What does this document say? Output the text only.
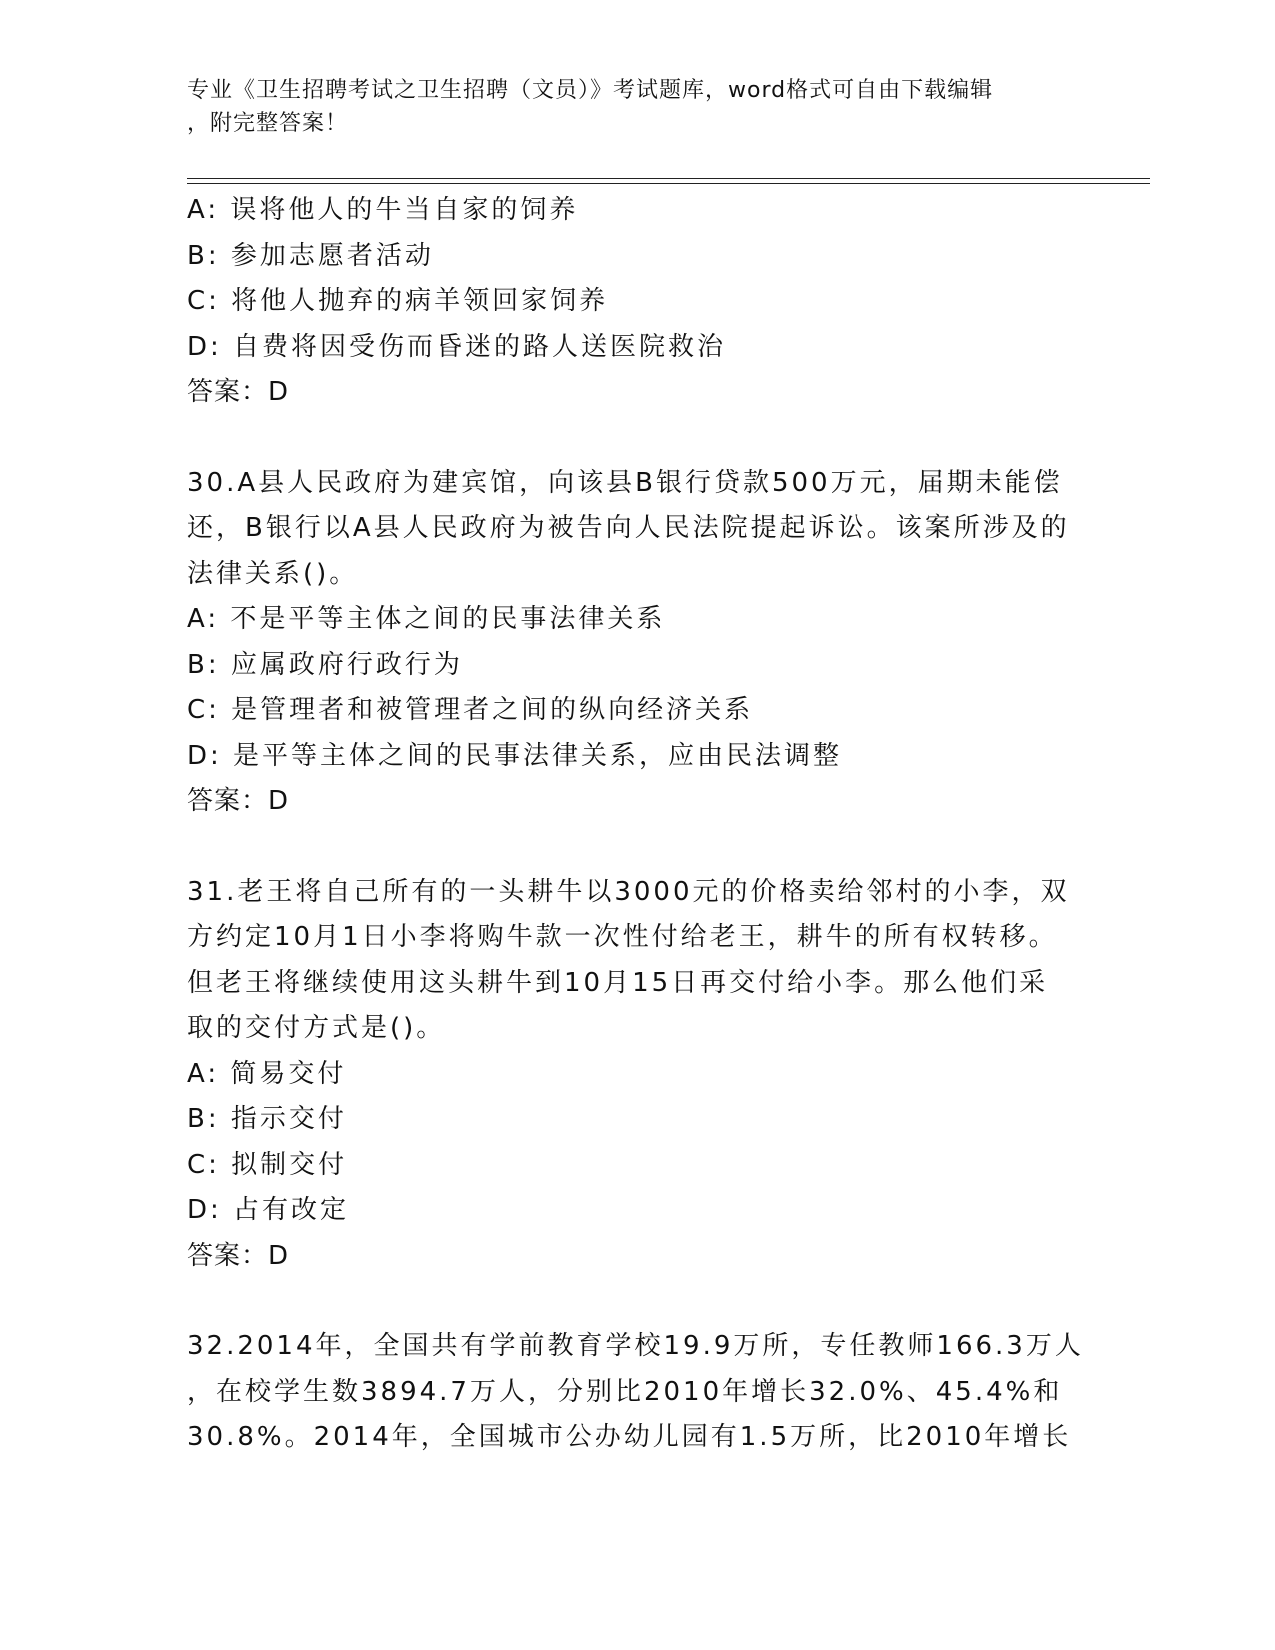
专业《卫生招聘考试之卫生招聘（文员）》考试题库，word格式可自由下载编辑
，附完整答案！
A: 误将他人的牛当自家的饲养
B: 参加志愿者活动
C: 将他人抛弃的病羊领回家饲养
D: 自费将因受伤而昏迷的路人送医院救治
答案：D
30.A县人民政府为建宾馆，向该县B银行贷款500万元，届期未能偿
还，B银行以A县人民政府为被告向人民法院提起诉讼。该案所涉及的
法律关系()。
A: 不是平等主体之间的民事法律关系
B: 应属政府行政行为
C: 是管理者和被管理者之间的纵向经济关系
D: 是平等主体之间的民事法律关系，应由民法调整
答案：D
31.老王将自己所有的一头耕牛以3000元的价格卖给邻村的小李，双
方约定10月1日小李将购牛款一次性付给老王，耕牛的所有权转移。
但老王将继续使用这头耕牛到10月15日再交付给小李。那么他们采
取的交付方式是()。
A: 简易交付
B: 指示交付
C: 拟制交付
D: 占有改定
答案：D
32.2014年，全国共有学前教育学校19.9万所，专任教师166.3万人
，在校学生数3894.7万人，分别比2010年增长32.0%、45.4%和
30.8%。2014年，全国城市公办幼儿园有1.5万所，比2010年增长
